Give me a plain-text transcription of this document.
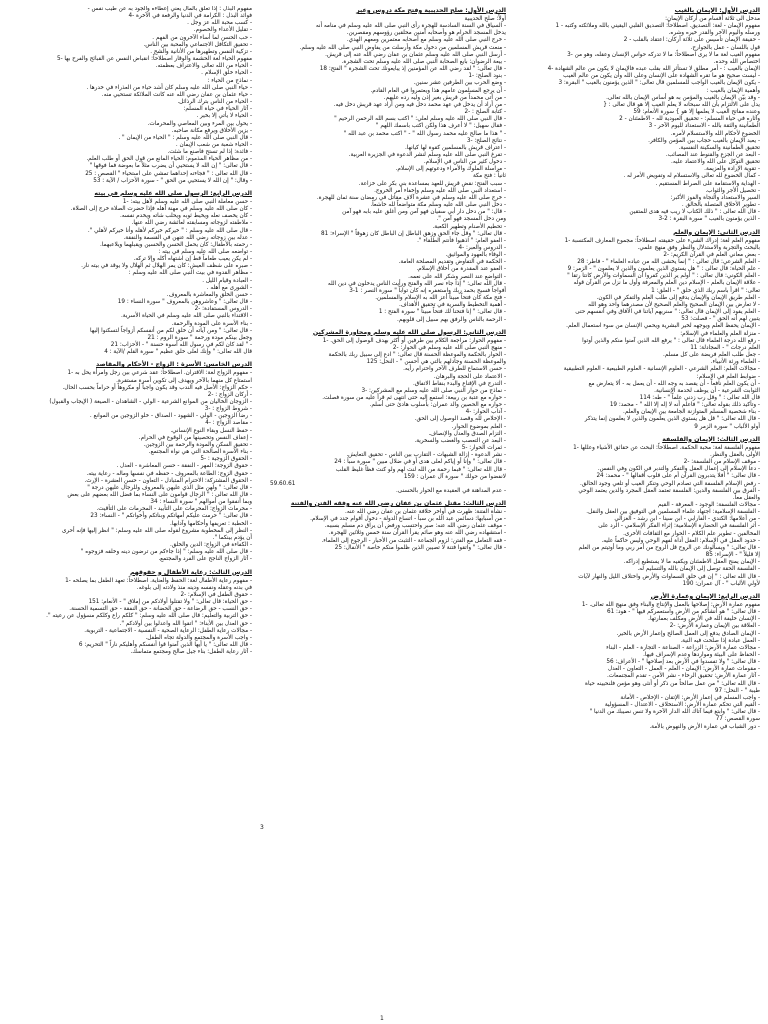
الدرس الأول: الإيمان بالغيب
مدخل الى ثلاثة أقسام من أركان الإيمان:
مفهوم الإيمان - لغة: التصديق. اصطلاحاً: التصديق القلبي اليقيني بالله وملائكته وكتبه - 1
ورسله واليوم الآخر والقدر خيره وشره.
- حقيقة الإيمان تأسيس على ثلاثة أركان: اعتقاد بالقلب - 2
قول باللسان - عمل بالجوارح.
مفهوم الغيب لغة ما لا يرى اصطلاحاً: ما لا تدركه حواس الإنسان وعقله، وهو من -3
اختصاص الله وحده.
الإيمان بالغيب : - أمر مطلق لا تستأثر الله بقلب عبده فالإيمان لا يكون من عالم الشهادة -4
- ليست صحيح هو ما تقره الشهادة على الإنسان وعلى الله وأن يكون من عالم الغيب
- يكون الإيمان بالغيب الواجب للمسلمين قال تعالى: " الذين يؤمنون بالغيب " البقرة: 3
وأهمية الإيمان بالغيب :
- وقد بيّن الإيمان بالغيب والمؤمن به هو أساس الإيمان بالله تعالى.
يدل على الالتزام بأن الله سبحانه لا يعلم الغيب إلا هو قال تعالى : {
وعنده مفاتح الغيب لا يعلمها إلا هو } سورة الأنعام: 59
وآثاره في حياة المسلم: - تحقيق العبودية لله - الاطمئنان - 2
الطمأنينة والثقة بالله - الاستعداد لليوم الآخر - 3
الخضوع لأحكام الله والاستسلام لأمره.
- يعبد الإيمان بالغيب حجاب بين المؤمن والكافر.
تحقيق الطمأنينة والسكينة النفسية.
- البعد عن الجزع والقنوط عند المصائب.
تحقيق التوكل على الله والاعتماد عليه.
- تقوية الإرادة والعزيمة.
- كمال الخضوع لله تعالى والاستسلام له وتفويض الأمر له .
- الهداية والاستقامة على الصراط المستقيم .
- تحصيل الأجر والثواب.
السير والاستعداد والنجاة والفوز الأكبر:
- تطوير الأخلاق المتصلة بالخالق .
- قال الله تعالى : " ذلك الكتاب لا ريب فيه هدى للمتقين
- الذين يؤمنون بالغيب " سورة البقرة : 2-3
الدرس الثاني: الإيمان والعلم
مفهوم العلم لغة: إدراك الشيء على حقيقته اصطلاحاً: مجموع المعارف المكتسبة -1
بالبحث والتجربة والاستدلال والنظر وفق منهج علمي.
- بعض معاني العلم في القرآن الكريم: -2
- العلم الشرعي: قال تعالى : " إنما يخشى الله من عباده العلماء " - فاطر: 28
- علم الحياة: قال تعالى : " هل يستوي الذين يعلمون والذين لا يعلمون " - الزمر: 9
- العلم الكوني: قال تعالى : " أولم ير الذين كفروا أن السماوات والأرض كانتا رتقا "
- علاقة الإيمان بالعلم - الإسلام دين العلم والمعرفة وأول ما نزل من القرآن قوله
تعالى: " اقرأ باسم ربك الذي خلق " - العلق: 1
- العلم طريق الإيمان والإيمان يدفع إلى طلب العلم والتفكر في الكون.
- لا تعارض بين الإيمان الصحيح والعلم الصحيح لأن مصدرهما واحد وهو الله
- العلم يقود إلى الإيمان قال تعالى: " سنريهم آياتنا في الآفاق وفي أنفسهم حتى
يتبين لهم أنه الحق " - فصلت: 53
- الإيمان يحفظ العلم ويوجهه لخير البشرية ويحمي الإنسان من سوء استعمال العلم.
- منزلة العلم والعلماء في الإسلام:
- رفع الله درجة العلماء قال تعالى : " يرفع الله الذين آمنوا منكم والذين أوتوا
العلم درجات " - المجادلة: 11
- جعل طلب العلم فريضة على كل مسلم.
- العلماء ورثة الأنبياء.
- مجالات العلم: العلم الشرعي - العلوم الإنسانية - العلوم الطبيعية - العلوم التطبيقية
- ضوابط العلم في الإسلام:
- أن يكون العلم نافعاً - أن يقصد به وجه الله - أن يعمل به - ألا يتعارض مع
الثوابت الشرعية - أن يوظف لخدمة الإنسانية.
قال الله تعالى : " وقل رب زدني علماً " - طه: 114
- وتأكيد ذلك بقوله تعالى: " فاعلم أنه لا إله إلا الله " - محمد: 19
- بناء شخصية المسلم المتوازنة الجامعة بين الإيمان والعلم.
- قال الله تعالى: " قل هل يستوي الذين يعلمون والذين لا يعلمون إنما يتذكر
أولو الألباب " سورة الزمر 9
الدرس الثالث: الإيمان والفلسفة
مفهوم الفلسفة لغة: محبة الحكمة. اصطلاحاً: البحث عن حقائق الأشياء وعللها -1
الأولى بالعقل والنظر.
- موقف الإسلام من الفلسفة: -2
- دعا الإسلام إلى إعمال العقل والتفكر والتدبر في الكون وفي النفس.
- قال تعالى: " أفلا يتدبرون القرآن أم على قلوب أقفالها " - محمد: 24
- رفض الإسلام الفلسفة التي تصادم الوحي وتنكر الغيب أو تلغي وجود الخالق.
- الفرق بين الفلسفة والدين: الفلسفة تعتمد العقل المجرد والدين يعتمد الوحي
والعقل معاً.
- مجالات الفلسفة: الوجود - المعرفة - القيم
- الفلسفة الإسلامية: اجتهاد علماء المسلمين في التوفيق بين العقل والنقل.
- من أعلامها: الكندي - الفارابي - ابن سينا - ابن رشد - الغزالي
- أثر الفلسفة في الحضارة الإسلامية: إثراء الفكر الإسلامي - الرد على
المخالفين - تطوير علم الكلام - الحوار مع الثقافات الأخرى.
- حدود العقل في الإسلام: العقل أداة لفهم الوحي وليس حاكماً عليه.
- قال تعالى: " ويسألونك عن الروح قل الروح من أمر ربي وما أوتيتم من العلم
إلا قليلاً " - الإسراء: 85
- الإيمان يمنح العقل الاطمئنان ويكفيه ما لا يستطيع إدراكه.
- الفلسفة الحقة توصل إلى الإيمان بالله والتسليم له.
- قال الله تعالى : " إن في خلق السماوات والأرض واختلاف الليل والنهار لآيات
لأولي الألباب " - آل عمران: 190
الدرس الرابع: الإيمان وعمارة الأرض
مفهوم عمارة الأرض: إصلاحها بالعمل والإنتاج والبناء وفق منهج الله تعالى. -1
- قال تعالى: " هو أنشأكم من الأرض واستعمركم فيها " - هود: 61
- الإنسان خليفة الله في الأرض ومكلف بعمارتها.
- العلاقة بين الإيمان وعمارة الأرض: -2
- الإيمان الصادق يدفع إلى العمل الصالح وإعمار الأرض بالخير.
- العمل عبادة إذا صلحت فيه النية.
- مجالات عمارة الأرض: الزراعة - الصناعة - التجارة - العلم - البناء
- الحفاظ على البيئة ومواردها وعدم الإسراف فيها.
- قال تعالى: " ولا تفسدوا في الأرض بعد إصلاحها " - الأعراف: 56
- مقومات عمارة الأرض: الإيمان - العلم - العمل - التعاون - العدل
- آثار عمارة الأرض: تحقيق الرخاء - نشر الأمن - تقدم المجتمعات.
- قال الله تعالى: " من عمل صالحاً من ذكر أو أنثى وهو مؤمن فلنحيينه حياة
طيبة " - النحل: 97
- واجب المسلم في إعمار الأرض: الإتقان - الإخلاص - الأمانة
- القيم التي تحكم عمارة الأرض: الاستخلاف - الاعتدال - المسؤولية
- قال تعالى: " وابتغ فيما آتاك الله الدار الآخرة ولا تنس نصيبك من الدنيا "
سورة القصص: 77
- دور الشباب في عمارة الأرض والنهوض بالأمة.
الدرس الأول: صلح الحديبية وفتح مكة دروس وعبر
أولاً: صلح الحديبية
- السياق في السنة السادسة للهجرة رأى النبي صلى الله عليه وسلم في منامه أنه
يدخل المسجد الحرام هو وأصحابه آمنين محلقين رؤوسهم ومقصرين.
- خرج النبي صلى الله عليه وسلم مع أصحابه معتمرين ومعهم الهدي.
- منعت قريش المسلمين من دخول مكة وأرسلت من يفاوض النبي صلى الله عليه وسلم.
- أرسل النبي صلى الله عليه وسلم عثمان بن عفان رضي الله عنه إلى قريش.
- بيعة الرضوان: بايع الصحابة النبي صلى الله عليه وسلم تحت الشجرة.
- قال تعالى: " لقد رضي الله عن المؤمنين إذ يبايعونك تحت الشجرة " الفتح: 18
- بنود الصلح: -1
- وضع الحرب بين الطرفين عشر سنين.
- أن يرجع المسلمون عامهم هذا ويعتمروا في العام القادم.
- من أتى محمداً من قريش بغير إذن وليه رده عليهم.
- من أراد أن يدخل في عهد محمد دخل فيه ومن أراد عهد قريش دخل فيه.
- كتابة الصلح : -2
- قال النبي صلى الله عليه وسلم لعلي: " اكتب بسم الله الرحمن الرحيم "
- فقال سهيل: " لا أعرف هذا ولكن اكتب باسمك اللهم "
- " هذا ما صالح عليه محمد رسول الله " - " اكتب محمد بن عبد الله "
- نتائج الصلح: -3
- اعتراف قريش بالمسلمين كقوة لها كيانها.
- تفرغ النبي صلى الله عليه وسلم لنشر الدعوة في الجزيرة العربية.
- دخول كثير من الناس في الإسلام.
- مراسلة الملوك والأمراء ودعوتهم إلى الإسلام.
ثانياً : فتح مكة
- سبب الفتح: نقض قريش للعهد بمساعدة بني بكر على خزاعة.
- استعداد النبي صلى الله عليه وسلم وإخفاء أمر الخروج.
- خرج صلى الله عليه وسلم في عشرة آلاف مقاتل في رمضان سنة ثمان للهجرة.
- دخل النبي صلى الله عليه وسلم مكة متواضعاً لله خاشعاً.
- قال: " من دخل دار أبي سفيان فهو آمن ومن أغلق عليه بابه فهو آمن
ومن دخل المسجد فهو آمن ".
- تحطيم الأصنام وتطهير الكعبة.
- قال تعالى: " وقل جاء الحق وزهق الباطل إن الباطل كان زهوقاً " الإسراء: 81
- العفو العام: " اذهبوا فأنتم الطلقاء ".
- الدروس والعبر: -4
- الوفاء بالعهود والمواثيق.
- الحكمة في التفاوض وتقديم المصلحة العامة.
- العفو عند المقدرة من أخلاق الإسلام.
- التواضع عند النصر وشكر الله على نعمه.
- قال الله تعالى: " إذا جاء نصر الله والفتح ورأيت الناس يدخلون في دين الله
أفواجاً فسبح بحمد ربك واستغفره إنه كان تواباً " سورة النصر : 1-3
- فتح مكة كان فتحاً مبيناً أعز الله به الإسلام والمسلمين.
- أهمية التخطيط والسرية في تحقيق الأهداف.
- قال تعالى: " إنا فتحنا لك فتحاً مبيناً " سورة الفتح : 1
- الرحمة بالناس والرفق بهم سبيل إلى قلوبهم.
الدرس الثاني: الرسول صلى الله عليه وسلم ومحاورة المشركين
- مفهوم الحوار: مراجعة الكلام بين طرفين أو أكثر بهدف الوصول إلى الحق. -1
- منهج النبي صلى الله عليه وسلم في الحوار: -2
- الحوار بالحكمة والموعظة الحسنة قال تعالى: " ادع إلى سبيل ربك بالحكمة
والموعظة الحسنة وجادلهم بالتي هي أحسن " - النحل: 125
- حسن الاستماع للطرف الآخر واحترام رأيه.
- الاعتماد على الحجة والبرهان.
- التدرج في الإقناع والبدء بنقاط الاتفاق.
- نماذج من حوار النبي صلى الله عليه وسلم مع المشركين: -3
- حواره مع عتبة بن ربيعة: استمع إليه حتى انتهى ثم قرأ عليه من سورة فصلت.
- حواره مع الحصين والد عمران: بأسلوب هادئ حتى أسلم.
- آداب الحوار: -4
- الإخلاص لله وقصد الوصول إلى الحق.
- العلم بموضوع الحوار.
- التزام الصدق والعدل والإنصاف.
- البعد عن التعصب والغضب والسخرية.
- ثمرات الحوار: -5
- نشر الدعوة - إزالة الشبهات - التقارب بين الناس - تحقيق التعايش.
- قال تعالى: " وإنا أو إياكم لعلى هدى أو في ضلال مبين " سورة سبأ : 24
- قال الله تعالى: " فبما رحمة من الله لنت لهم ولو كنت فظاً غليظ القلب
لانفضوا من حولك " سورة آل عمران : 159
59.60.61
- عدم المداهنة في العقيدة مع الحوار بالحسنى.
الدرس الثالث: مقتل عثمان بن عفان رضي الله عنه وفقه الفتن والفتنة
- نشأة الفتنة: ظهرت في أواخر خلافة عثمان بن عفان رضي الله عنه.
- من أسبابها: دسائس عبد الله بن سبأ - اتساع الدولة - دخول أقوام جدد في الإسلام.
- موقف عثمان رضي الله عنه: صبر واحتسب ورفض أن يراق دم مسلم بسببه.
- استشهاده رضي الله عنه وهو صائم يقرأ القرآن سنة خمس وثلاثين للهجرة.
- فقه التعامل مع الفتن: لزوم الجماعة - التثبت من الأخبار - الرجوع إلى العلماء.
- قال تعالى: " واتقوا فتنة لا تصيبن الذين ظلموا منكم خاصة " الأنفال: 25
مفهوم البذل : إذا تعلق بالمال يعني إعطاءه والجود به عن طيب نفس -
فوائد البذل : الكرامة في الدنيا والرفعة في الآخرة -4
- كسب محبة الله عز وجل .
- تقليل الأعداء والخصوم.
- حب الحسن لما أساء الآخرون من الفهم .
- تحقيق التكافل الاجتماعي والمحبة بين الناس.
- تزكية النفس وتطهيرها من الأنانية والشح .
مفهوم الحياء لغة الحشمة والوقار اصطلاحاً: انقباض النفس عن القبائح والفرح بها -5
- الحياء من الله تعالى والاعتراف بعظمته.
- الحياء خلق الإسلام .
- نماذج من الحياء :
- حياء النبي صلى الله عليه وسلم كان أشد حياء من العذراء في خدرها .
- حياء عثمان بن عفان رضي الله عنه كانت الملائكة تستحيي منه.
- الحياء من الناس بترك الرذائل.
- آثار الحياء في حياة المسلم:
- الحياء لا يأتي إلا بخير .
- يحول بين المرء وبين المعاصي والمحرمات.
- يزين الأخلاق ويرفع مكانة صاحبه.
- قال النبي صلى الله عليه وسلم : " الحياء من الإيمان " .
- الحياء شعبة من شعب الإيمان .
- فائدة: إذا لم تستح فاصنع ما شئت.
- من مظاهر الحياء المذموم: الحياء المانع من قول الحق أو طلب العلم.
- قال تعالى: " إن الله لا يستحيي أن يضرب مثلاً ما بعوضة فما فوقها "
- قال الله تعالى : " فجاءته إحداهما تمشي على استحياء " القصص : 25
- وقال: " إن الله لا يستحيي من الحق " - سورة الأحزاب / الآية : 53
الدرس الرابع: الرسول صلى الله عليه وسلم في بيته
- حسن معاملة النبي صلى الله عليه وسلم لأهل بيته: -1
- كان صلى الله عليه وسلم في مهنة أهله فإذا حضرت الصلاة خرج إلى الصلاة.
- كان يخصف نعله ويخيط ثوبه ويحلب شاته ويخدم نفسه.
- ملاطفته لزوجاته ومسابقته لعائشة رضي الله عنها.
- قال صلى الله عليه وسلم : " خيركم خيركم لأهله وأنا خيركم لأهلي ".
- عدله بين زوجاته رضي الله عنهن في القسمة والنفقة.
- رحمته بالأطفال: كان يحمل الحسن والحسين ويقبلهما ويلاعبهما.
- تواضعه صلى الله عليه وسلم في بيته :
- لم يكن يعيب طعاماً قط إن اشتهاه أكله وإلا تركه.
- صبره على شظف العيش: كان يمر الهلال ثم الهلال ولا يوقد في بيته نار.
- مظاهر القدوة في بيت النبي صلى الله عليه وسلم :
- العبادة وقيام الليل .
- الشورى مع أهله .
- حسن الخلق والمعاشرة بالمعروف.
- قال تعالى: " وعاشروهن بالمعروف " سورة النساء : 19
- الدروس المستفادة: -2
- الاقتداء بالنبي صلى الله عليه وسلم في الحياة الأسرية.
- بناء الأسرة على المودة والرحمة.
- قال تعالى: " ومن آياته أن خلق لكم من أنفسكم أزواجاً لتسكنوا إليها
وجعل بينكم مودة ورحمة " سورة الروم : 21
- " لقد كان لكم في رسول الله أسوة حسنة " - الأحزاب: 21
قال الله تعالى: " وإنك لعلى خلق عظيم " سورة القلم /الآية : 4
الدرس الخامس: الأسرة : الزواج - الأحكام والمقاصد
- مفهوم الزواج لغة: الاقتران. اصطلاحاً: عقد شرعي بين رجل وامرأة يحل به -1
استمتاع كل منهما بالآخر ويهدف إلى تكوين أسرة مستقرة.
- حكم الزواج: الأصل فيه الندب وقد يكون واجباً أو مكروهاً أو حراماً بحسب الحال.
- أركان الزواج : -2
- الزوجان الخاليان من الموانع الشرعية - الولي - الشاهدان - الصيغة ( الإيجاب والقبول)
- شروط الزواج : -3
- رضا الزوجين - الولي - الشهود - الصداق - خلو الزوجين من الموانع .
- مقاصد الزواج : -4
- حفظ النسل وبقاء النوع الإنساني.
- إعفاف النفس وتحصينها من الوقوع في الحرام.
- تحقيق السكن والمودة والرحمة بين الزوجين.
- بناء الأسرة الصالحة التي هي نواة المجتمع.
- الحقوق الزوجية : -5
- حقوق الزوجة: المهر - النفقة - حسن المعاشرة - العدل .
- حقوق الزوج: الطاعة بالمعروف - حفظه في نفسها وماله - رعاية بيته.
- الحقوق المشتركة: الاحترام المتبادل - التعاون - حسن العشرة - الإرث.
- قال تعالى: " ولهن مثل الذي عليهن بالمعروف وللرجال عليهن درجة "
- قال الله تعالى : " الرجال قوامون على النساء بما فضل الله بعضهم على بعض
وبما أنفقوا من أموالهم " سورة النساء : 34
- محرمات الزواج: المحرمات على التأبيد - المحرمات على التأقيت.
- قال تعالى: " حرمت عليكم أمهاتكم وبناتكم وأخواتكم " - النساء: 23
- الخطبة : تعريفها وأحكامها وآدابها.
- النظر إلى المخطوبة مشروع لقوله صلى الله عليه وسلم: " انظر إليها فإنه أحرى
أن يؤدم بينكما ".
- الكفاءة في الزواج: الدين والخلق.
- قال صلى الله عليه وسلم: " إذا جاءكم من ترضون دينه وخلقه فزوجوه "
- آثار الزواج الناجح على الفرد والمجتمع.
الدرس الثالث: رعاية الأطفال و حقوقهم
- مفهوم رعاية الأطفال لغة: الحفظ والعناية. اصطلاحاً: تعهد الطفل بما يصلحه -1
في بدنه وعقله ونفسه ودينه منذ ولادته إلى بلوغه.
- حقوق الطفل في الإسلام: -2
- حق الحياة: قال تعالى: " ولا تقتلوا أولادكم من إملاق " - الأنعام: 151
- حق النسب - حق الرضاعة - حق الحضانة - حق النفقة - حق التسمية الحسنة.
- حق التربية والتعليم: قال صلى الله عليه وسلم: " كلكم راع وكلكم مسؤول عن رعيته ".
- حق العدل بين الأبناء: " اتقوا الله واعدلوا بين أولادكم ".
- مجالات رعاية الطفل: الرعاية الصحية - النفسية - الاجتماعية - التربوية.
- واجب الأسرة والمجتمع والدولة تجاه الطفل.
- قال الله تعالى: " يا أيها الذين آمنوا قوا أنفسكم وأهليكم ناراً " التحريم: 6
- آثار رعاية الطفل: بناء جيل صالح ومجتمع متماسك.
3
1
